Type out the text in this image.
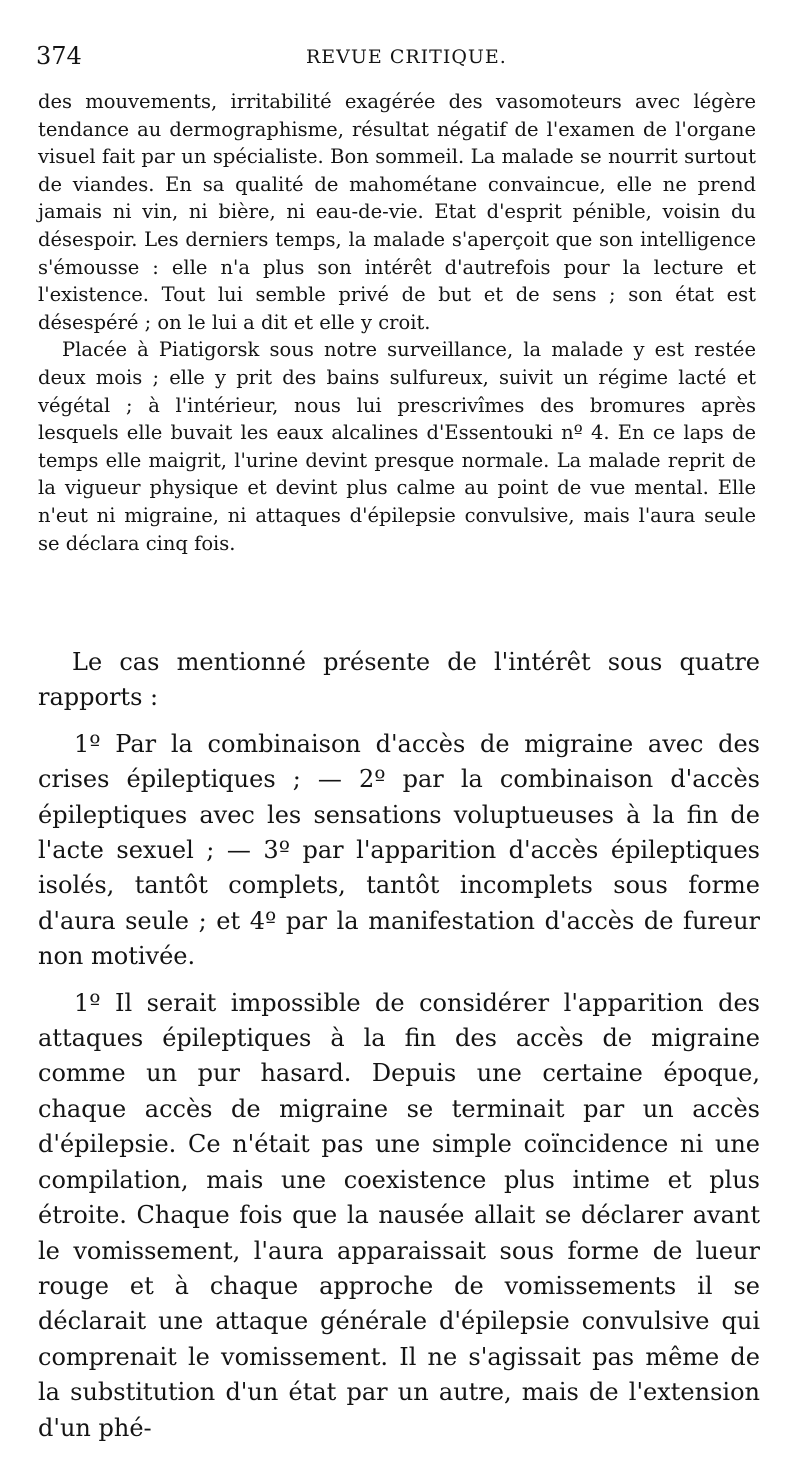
374	REVUE CRITIQUE.

des mouvements, irritabilité exagérée des vasomoteurs avec légère tendance au dermographisme, résultat négatif de l'examen de l'organe visuel fait par un spécialiste. Bon sommeil. La malade se nourrit surtout de viandes. En sa qualité de mahométane convaincue, elle ne prend jamais ni vin, ni bière, ni eau-de-vie. Etat d'esprit pénible, voisin du désespoir. Les derniers temps, la malade s'aperçoit que son intelligence s'émousse : elle n'a plus son intérêt d'autrefois pour la lecture et l'existence. Tout lui semble privé de but et de sens ; son état est désespéré ; on le lui a dit et elle y croit.

Placée à Piatigorsk sous notre surveillance, la malade y est restée deux mois ; elle y prit des bains sulfureux, suivit un régime lacté et végétal ; à l'intérieur, nous lui prescrivîmes des bromures après lesquels elle buvait les eaux alcalines d'Essentouki nº 4. En ce laps de temps elle maigrit, l'urine devint presque normale. La malade reprit de la vigueur physique et devint plus calme au point de vue mental. Elle n'eut ni migraine, ni attaques d'épilepsie convulsive, mais l'aura seule se déclara cinq fois.

Le cas mentionné présente de l'intérêt sous quatre rapports :

1º Par la combinaison d'accès de migraine avec des crises épileptiques ; — 2º par la combinaison d'accès épileptiques avec les sensations voluptueuses à la fin de l'acte sexuel ; — 3º par l'apparition d'accès épileptiques isolés, tantôt complets, tantôt incomplets sous forme d'aura seule ; et 4º par la manifestation d'accès de fureur non motivée.

1º Il serait impossible de considérer l'apparition des attaques épileptiques à la fin des accès de migraine comme un pur hasard. Depuis une certaine époque, chaque accès de migraine se terminait par un accès d'épilepsie. Ce n'était pas une simple coïncidence ni une compilation, mais une coexistence plus intime et plus étroite. Chaque fois que la nausée allait se déclarer avant le vomissement, l'aura apparaissait sous forme de lueur rouge et à chaque approche de vomissements il se déclarait une attaque générale d'épilepsie convulsive qui comprenait le vomissement. Il ne s'agissait pas même de la substitution d'un état par un autre, mais de l'extension d'un phé-
